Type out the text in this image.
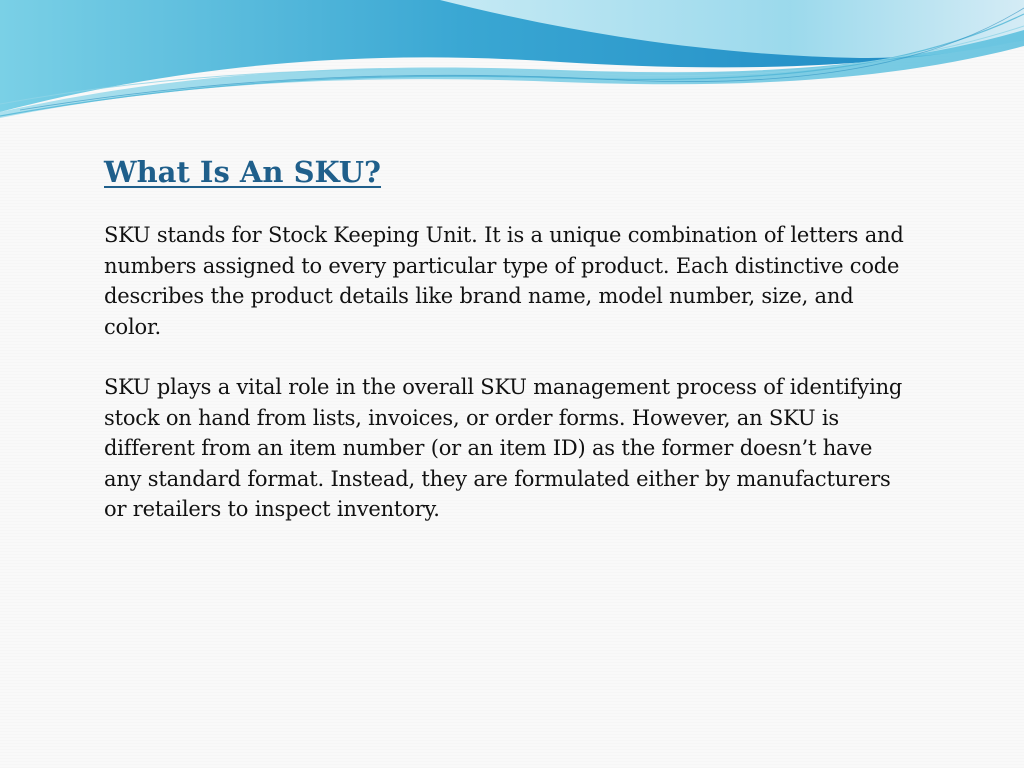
What Is An SKU?

SKU stands for Stock Keeping Unit. It is a unique combination of letters and numbers assigned to every particular type of product. Each distinctive code describes the product details like brand name, model number, size, and color.

SKU plays a vital role in the overall SKU management process of identifying stock on hand from lists, invoices, or order forms. However, an SKU is different from an item number (or an item ID) as the former doesn’t have any standard format. Instead, they are formulated either by manufacturers or retailers to inspect inventory.
